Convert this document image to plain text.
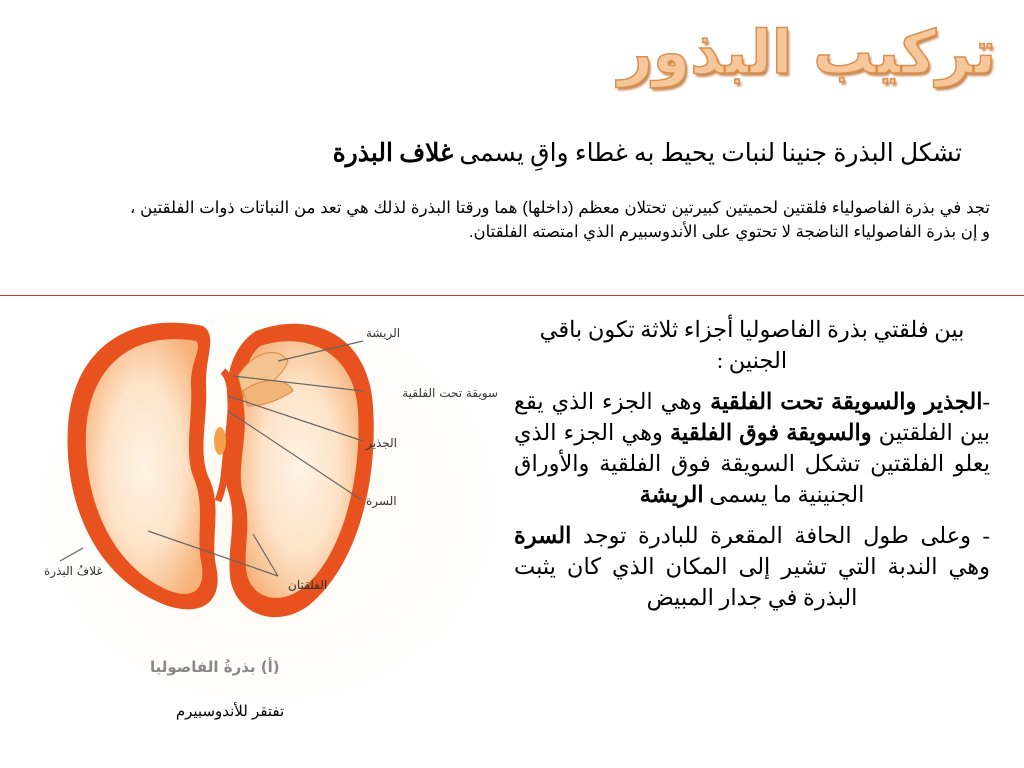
تركيب البذور
تشكل البذرة جنينا لنبات يحيط به غطاء واقِ يسمى غلاف البذرة
تجد في بذرة الفاصولياء فلقتين لحميتين كبيرتين تحتلان معظم (داخلها) هما ورقتا البذرة لذلك هي تعد من النباتات ذوات الفلقتين ، و إن بذرة الفاصولياء الناضجة لا تحتوي على الأندوسبيرم الذي امتصته الفلقتان.
الريشة
سويقة تحت الفلقية
الجذير
السرة
غلافُ البذرة
الفلقتان
(أ) بذرةُ الفاصوليا
تفتقر للأندوسبيرم

بين فلقتي بذرة الفاصوليا أجزاء ثلاثة تكون باقي الجنين :

-الجذير والسويقة تحت الفلقية وهي الجزء الذي يقع بين الفلقتين والسويقة فوق الفلقية وهي الجزء الذي يعلو الفلقتين تشكل السويقة فوق الفلقية والأوراق الجنينية ما يسمى الريشة

- وعلى طول الحافة المقعرة للبادرة توجد السرة وهي الندبة التي تشير إلى المكان الذي كان يثبت البذرة في جدار المبيض
